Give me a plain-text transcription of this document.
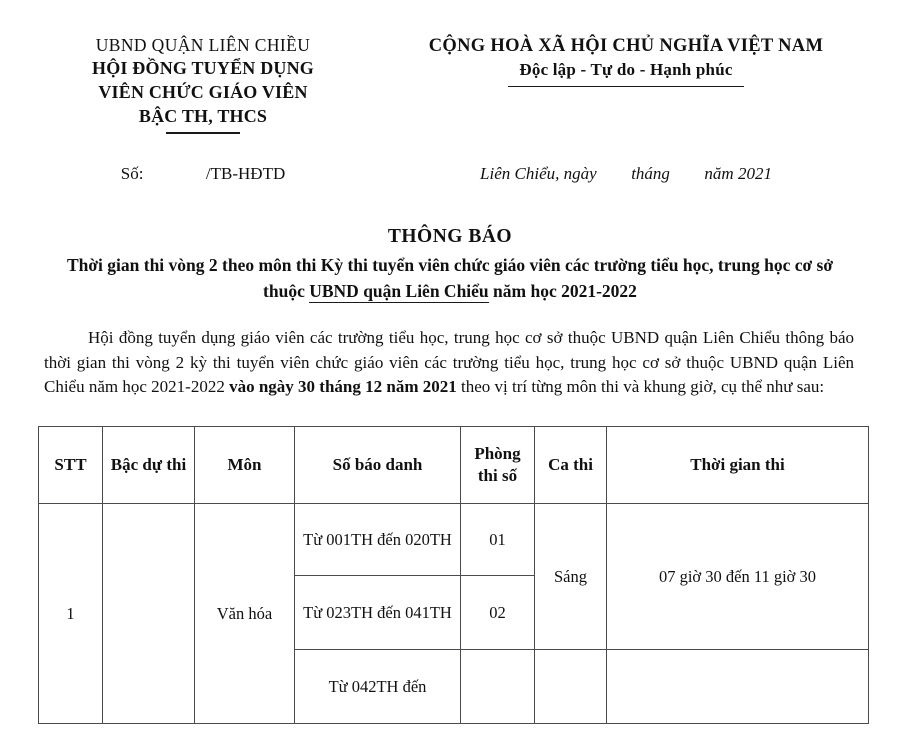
UBND QUẬN LIÊN CHIỀU
HỘI ĐỒNG TUYỂN DỤNG
VIÊN CHỨC GIÁO VIÊN
BẬC TH, THCS
CỘNG HOÀ XÃ HỘI CHỦ NGHĨA VIỆT NAM
Độc lập - Tự do - Hạnh phúc
Số:	/TB-HĐTD	Liên Chiểu, ngày tháng năm 2021
THÔNG BÁO
Thời gian thi vòng 2 theo môn thi Kỳ thi tuyển viên chức giáo viên các trường tiểu học, trung học cơ sở thuộc UBND quận Liên Chiểu năm học 2021-2022
Hội đồng tuyển dụng giáo viên các trường tiểu học, trung học cơ sở thuộc UBND quận Liên Chiểu thông báo thời gian thi vòng 2 kỳ thi tuyển viên chức giáo viên các trường tiểu học, trung học cơ sở thuộc UBND quận Liên Chiểu năm học 2021-2022 vào ngày 30 tháng 12 năm 2021 theo vị trí từng môn thi và khung giờ, cụ thể như sau:
STT	Bậc dự thi	Môn	Số báo danh	Phòng thi số	Ca thi	Thời gian thi
1		Văn hóa	Từ 001TH đến 020TH	01	Sáng	07 giờ 30 đến 11 giờ 30
			Từ 023TH đến 041TH	02		
			Từ 042TH đến			
